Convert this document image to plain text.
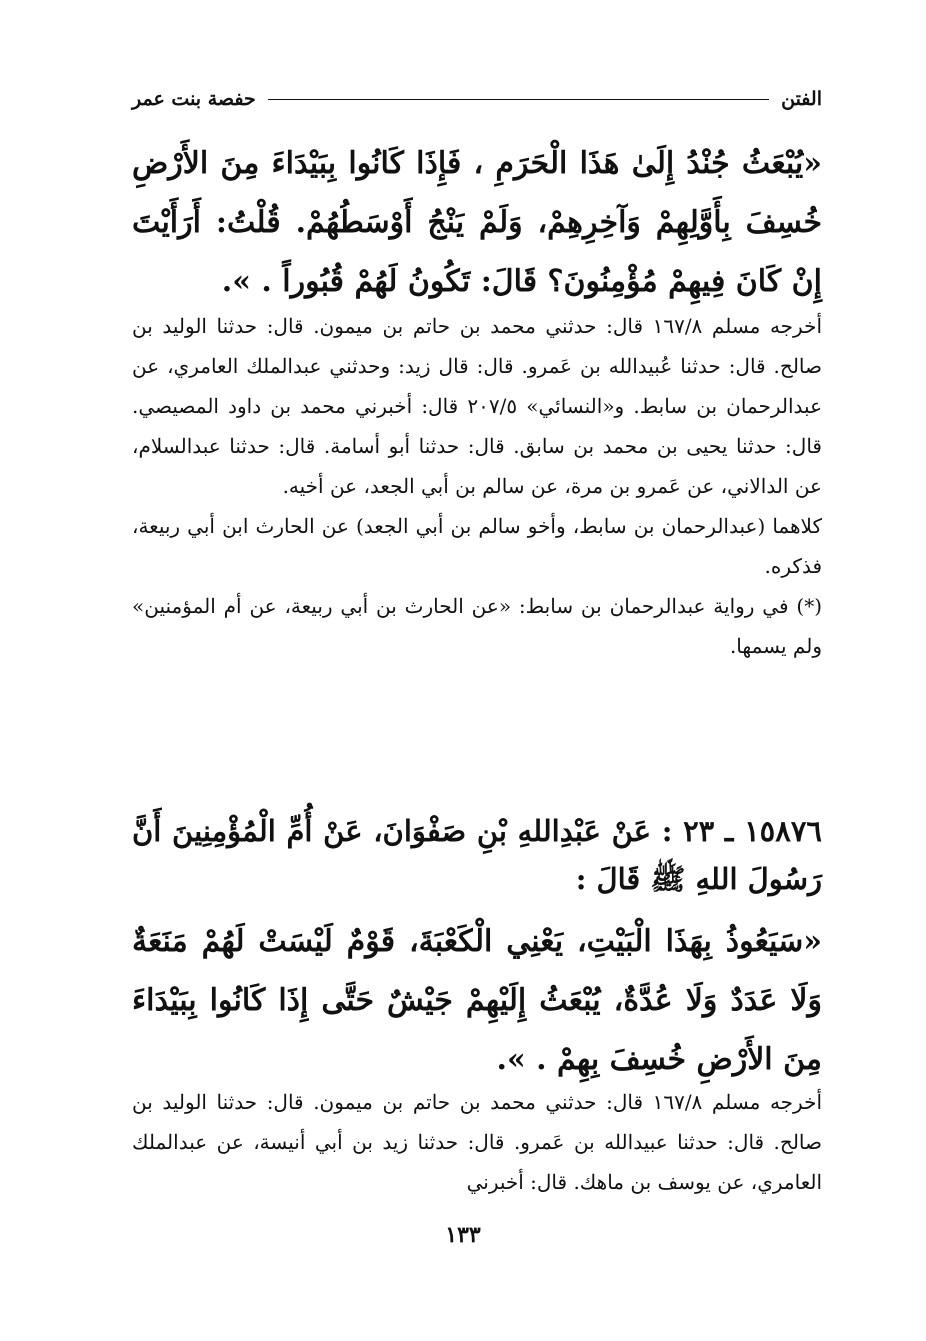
الفتن
حفصة بنت عمر
«يُبْعَثُ جُنْدُ إِلَىٰ هَذَا الْحَرَمِ ، فَإِذَا كَانُوا بِبَيْدَاءَ مِنَ الأَرْضِ خُسِفَ بِأَوَّلِهِمْ وَآخِرِهِمْ، وَلَمْ يَنْجُ أَوْسَطُهُمْ. قُلْتُ: أَرَأَيْتَ إِنْ كَانَ فِيهِمْ مُؤْمِنُونَ؟ قَالَ: تَكُونُ لَهُمْ قُبُوراً . ».

أخرجه مسلم ١٦٧/٨ قال: حدثني محمد بن حاتم بن ميمون. قال: حدثنا الوليد بن صالح. قال: حدثنا عُبيدالله بن عَمرو. قال: قال زيد: وحدثني عبدالملك العامري، عن عبدالرحمان بن سابط. و«النسائي» ٢٠٧/٥ قال: أخبرني محمد بن داود المصيصي. قال: حدثنا يحيى بن محمد بن سابق. قال: حدثنا أبو أسامة. قال: حدثنا عبدالسلام، عن الدالاني، عن عَمرو بن مرة، عن سالم بن أبي الجعد، عن أخيه.

كلاهما (عبدالرحمان بن سابط، وأخو سالم بن أبي الجعد) عن الحارث ابن أبي ربيعة، فذكره.

(*) في رواية عبدالرحمان بن سابط: «عن الحارث بن أبي ربيعة، عن أم المؤمنين» ولم يسمها.

١٥٨٧٦ ـ ٢٣ : عَنْ عَبْدِاللهِ بْنِ صَفْوَانَ، عَنْ أُمِّ الْمُؤْمِنِينَ أَنَّ رَسُولَ اللهِ ﷺ قَالَ :
«سَيَعُوذُ بِهَذَا الْبَيْتِ، يَعْنِي الْكَعْبَةَ، قَوْمٌ لَيْسَتْ لَهُمْ مَنَعَةٌ وَلَا عَدَدٌ وَلَا عُدَّةٌ، يُبْعَثُ إِلَيْهِمْ جَيْشٌ حَتَّى إِذَا كَانُوا بِبَيْدَاءَ مِنَ الأَرْضِ خُسِفَ بِهِمْ . ».

أخرجه مسلم ١٦٧/٨ قال: حدثني محمد بن حاتم بن ميمون. قال: حدثنا الوليد بن صالح. قال: حدثنا عبيدالله بن عَمرو. قال: حدثنا زيد بن أبي أنيسة، عن عبدالملك العامري، عن يوسف بن ماهك. قال: أخبرني

١٣٣
